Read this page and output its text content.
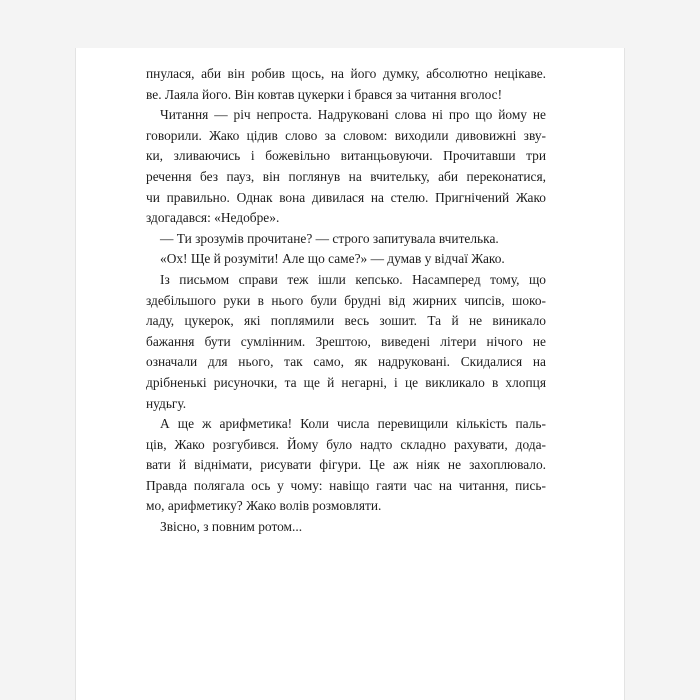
пнулася, аби він робив щось, на його думку, абсолютно нецікаве.
ве. Лаяла його. Він ковтав цукерки і брався за читання вголос!
Читання — річ непроста. Надруковані слова ні про що йому не
говорили. Жако цідив слово за словом: виходили дивовижні зву-
ки, зливаючись і божевільно витанцьовуючи. Прочитавши три
речення без пауз, він поглянув на вчительку, аби переконатися,
чи правильно. Однак вона дивилася на стелю. Пригнічений Жако
здогадався: «Недобре».
— Ти зрозумів прочитане? — строго запитувала вчителька.
«Ох! Ще й розуміти! Але що саме?» — думав у відчаї Жако.
Із письмом справи теж ішли кепсько. Насамперед тому, що
здебільшого руки в нього були брудні від жирних чипсів, шоко-
ладу, цукерок, які поплямили весь зошит. Та й не виникало
бажання бути сумлінним. Зрештою, виведені літери нічого не
означали для нього, так само, як надруковані. Скидалися на
дрібненькі рисуночки, та ще й негарні, і це викликало в хлопця
нудьгу.
А ще ж арифметика! Коли числа перевищили кількість паль-
ців, Жако розгубився. Йому було надто складно рахувати, дода-
вати й віднімати, рисувати фігури. Це аж ніяк не захоплювало.
Правда полягала ось у чому: навіщо гаяти час на читання, пись-
мо, арифметику? Жако волів розмовляти.
Звісно, з повним ротом...
